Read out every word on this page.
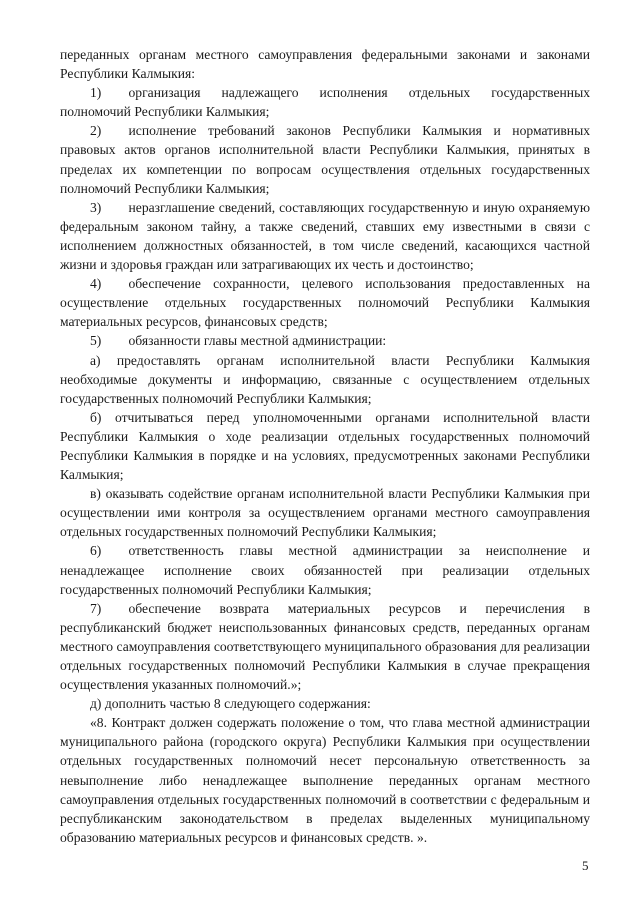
переданных органам местного самоуправления федеральными законами и законами Республики Калмыкия:

1)  организация надлежащего исполнения отдельных государственных полномочий Республики Калмыкия;

2)  исполнение требований законов Республики Калмыкия и нормативных правовых актов органов исполнительной власти Республики Калмыкия, принятых в пределах их компетенции по вопросам осуществления отдельных государственных полномочий Республики Калмыкия;

3)  неразглашение сведений, составляющих государственную и иную охраняемую федеральным законом тайну, а также сведений, ставших ему известными в связи с исполнением должностных обязанностей, в том числе сведений, касающихся частной жизни и здоровья граждан или затрагивающих их честь и достоинство;

4)  обеспечение сохранности, целевого использования предоставленных на осуществление отдельных государственных полномочий Республики Калмыкия материальных ресурсов, финансовых средств;

5)  обязанности главы местной администрации:

а) предоставлять органам исполнительной власти Республики Калмыкия необходимые документы и информацию, связанные с осуществлением отдельных государственных полномочий Республики Калмыкия;

б) отчитываться перед уполномоченными органами исполнительной власти Республики Калмыкия о ходе реализации отдельных государственных полномочий Республики Калмыкия в порядке и на условиях, предусмотренных законами Республики Калмыкия;

в) оказывать содействие органам исполнительной власти Республики Калмыкия при осуществлении ими контроля за осуществлением органами местного самоуправления отдельных государственных полномочий Республики Калмыкия;

6)  ответственность главы местной администрации за неисполнение и ненадлежащее исполнение своих обязанностей при реализации отдельных государственных полномочий Республики Калмыкия;

7)  обеспечение возврата материальных ресурсов и перечисления в республиканский бюджет неиспользованных финансовых средств, переданных органам местного самоуправления соответствующего муниципального образования для реализации отдельных государственных полномочий Республики Калмыкия в случае прекращения осуществления указанных полномочий.»;

д) дополнить частью 8 следующего содержания:

«8. Контракт должен содержать положение о том, что глава местной администрации муниципального района (городского округа) Республики Калмыкия при осуществлении отдельных государственных полномочий несет персональную ответственность за невыполнение либо ненадлежащее выполнение переданных органам местного самоуправления отдельных государственных полномочий в соответствии с федеральным и республиканским законодательством в пределах выделенных муниципальному образованию материальных ресурсов и финансовых средств. ».

5
